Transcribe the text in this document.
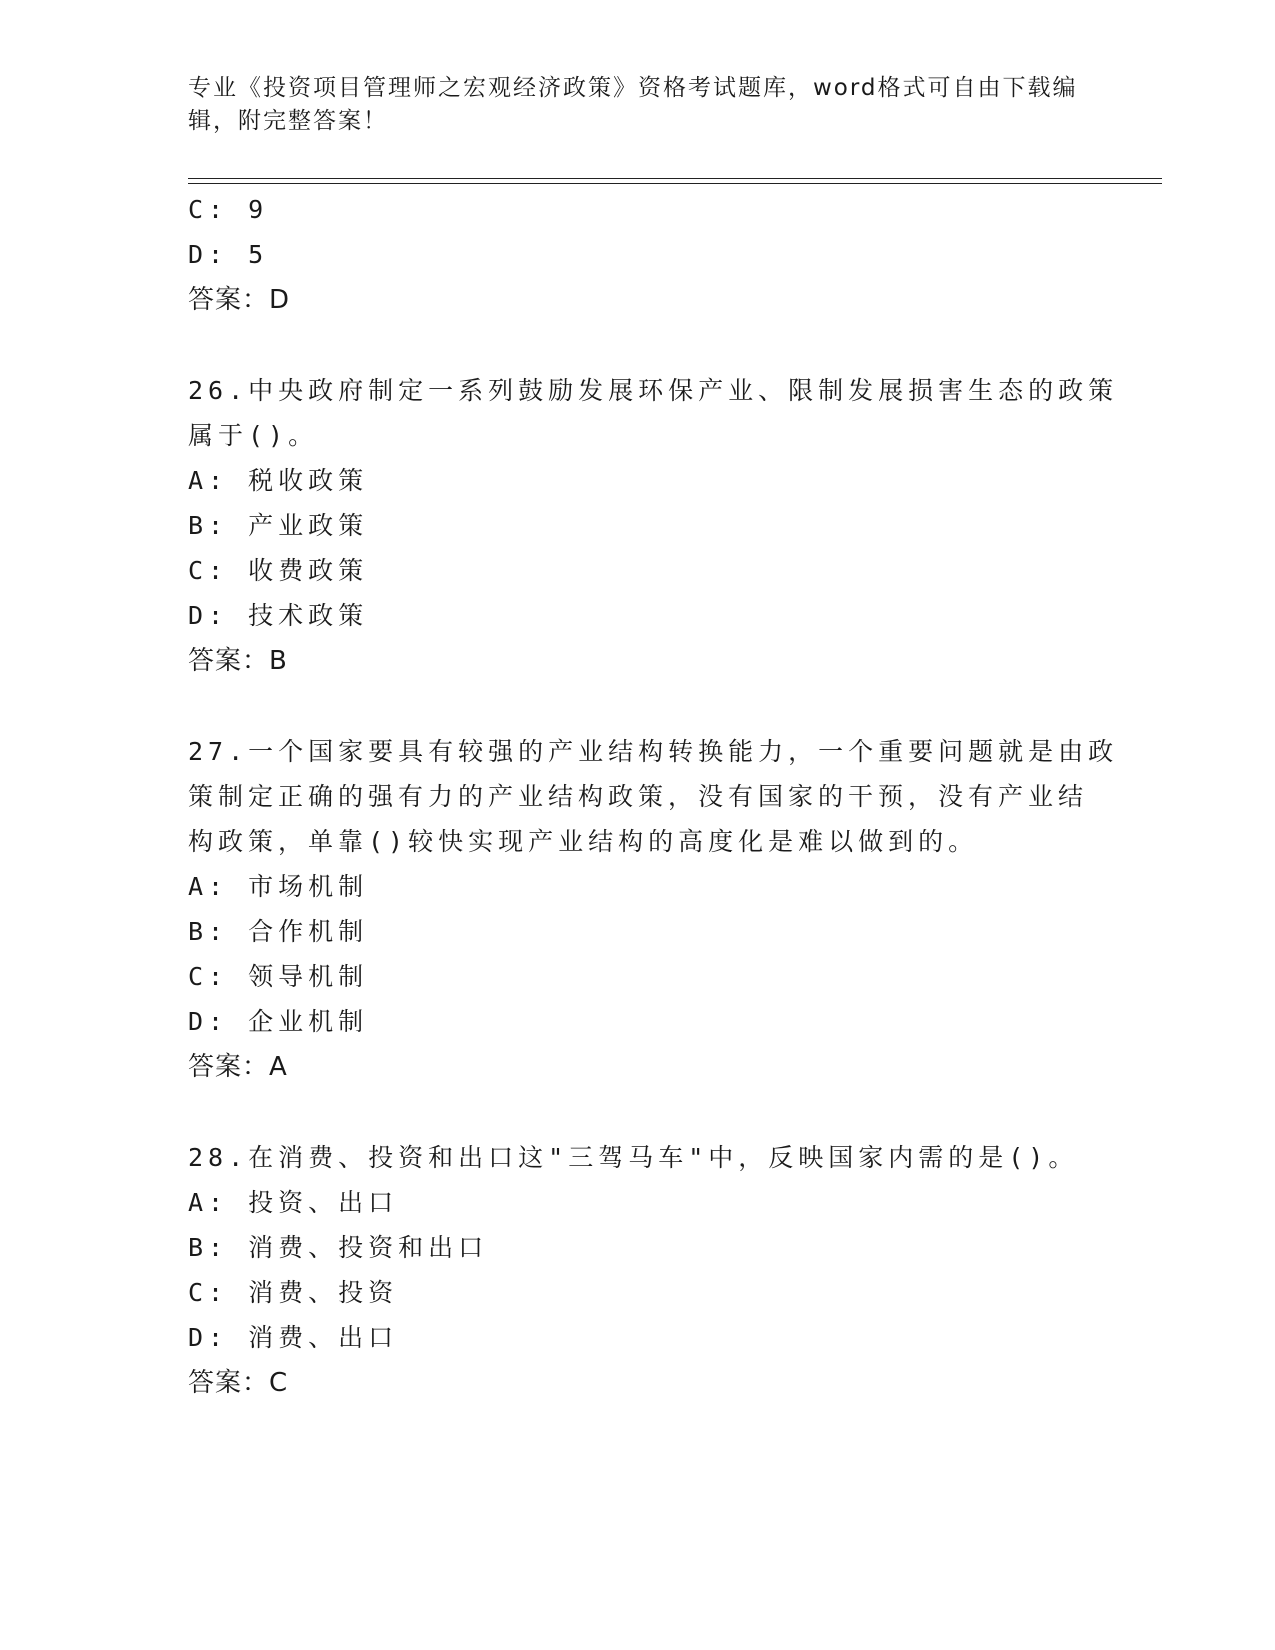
专业《投资项目管理师之宏观经济政策》资格考试题库，word格式可自由下载编
辑，附完整答案！
C: 9
D: 5
答案：D
26.中央政府制定一系列鼓励发展环保产业、限制发展损害生态的政策
属于()。
A: 税收政策
B: 产业政策
C: 收费政策
D: 技术政策
答案：B
27.一个国家要具有较强的产业结构转换能力，一个重要问题就是由政
策制定正确的强有力的产业结构政策，没有国家的干预，没有产业结
构政策，单靠()较快实现产业结构的高度化是难以做到的。
A: 市场机制
B: 合作机制
C: 领导机制
D: 企业机制
答案：A
28.在消费、投资和出口这"三驾马车"中，反映国家内需的是()。
A: 投资、出口
B: 消费、投资和出口
C: 消费、投资
D: 消费、出口
答案：C
